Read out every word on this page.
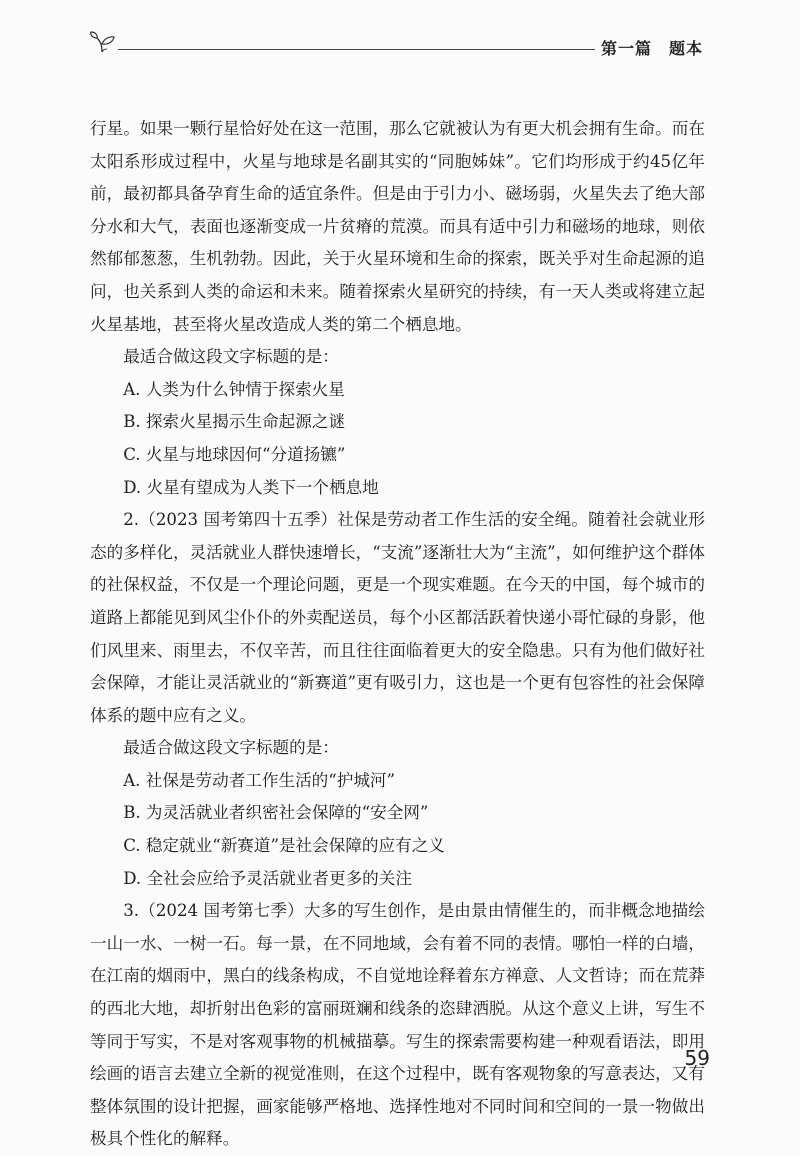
第一篇　题本

行星。如果一颗行星恰好处在这一范围，那么它就被认为有更大机会拥有生命。而在太阳系形成过程中，火星与地球是名副其实的“同胞姊妹”。它们均形成于约45亿年前，最初都具备孕育生命的适宜条件。但是由于引力小、磁场弱，火星失去了绝大部分水和大气，表面也逐渐变成一片贫瘠的荒漠。而具有适中引力和磁场的地球，则依然郁郁葱葱，生机勃勃。因此，关于火星环境和生命的探索，既关乎对生命起源的追问，也关系到人类的命运和未来。随着探索火星研究的持续，有一天人类或将建立起火星基地，甚至将火星改造成人类的第二个栖息地。

最适合做这段文字标题的是：

A. 人类为什么钟情于探索火星

B. 探索火星揭示生命起源之谜

C. 火星与地球因何“分道扬镳”

D. 火星有望成为人类下一个栖息地

2.（2023 国考第四十五季）社保是劳动者工作生活的安全绳。随着社会就业形态的多样化，灵活就业人群快速增长，“支流”逐渐壮大为“主流”，如何维护这个群体的社保权益，不仅是一个理论问题，更是一个现实难题。在今天的中国，每个城市的道路上都能见到风尘仆仆的外卖配送员，每个小区都活跃着快递小哥忙碌的身影，他们风里来、雨里去，不仅辛苦，而且往往面临着更大的安全隐患。只有为他们做好社会保障，才能让灵活就业的“新赛道”更有吸引力，这也是一个更有包容性的社会保障体系的题中应有之义。

最适合做这段文字标题的是：

A. 社保是劳动者工作生活的“护城河”

B. 为灵活就业者织密社会保障的“安全网”

C. 稳定就业“新赛道”是社会保障的应有之义

D. 全社会应给予灵活就业者更多的关注

3.（2024 国考第七季）大多的写生创作，是由景由情催生的，而非概念地描绘一山一水、一树一石。每一景，在不同地域，会有着不同的表情。哪怕一样的白墙，在江南的烟雨中，黑白的线条构成，不自觉地诠释着东方禅意、人文哲诗；而在荒莽的西北大地，却折射出色彩的富丽斑斓和线条的恣肆洒脱。从这个意义上讲，写生不等同于写实，不是对客观事物的机械描摹。写生的探索需要构建一种观看语法，即用绘画的语言去建立全新的视觉准则，在这个过程中，既有客观物象的写意表达，又有整体氛围的设计把握，画家能够严格地、选择性地对不同时间和空间的一景一物做出极具个性化的解释。

59
